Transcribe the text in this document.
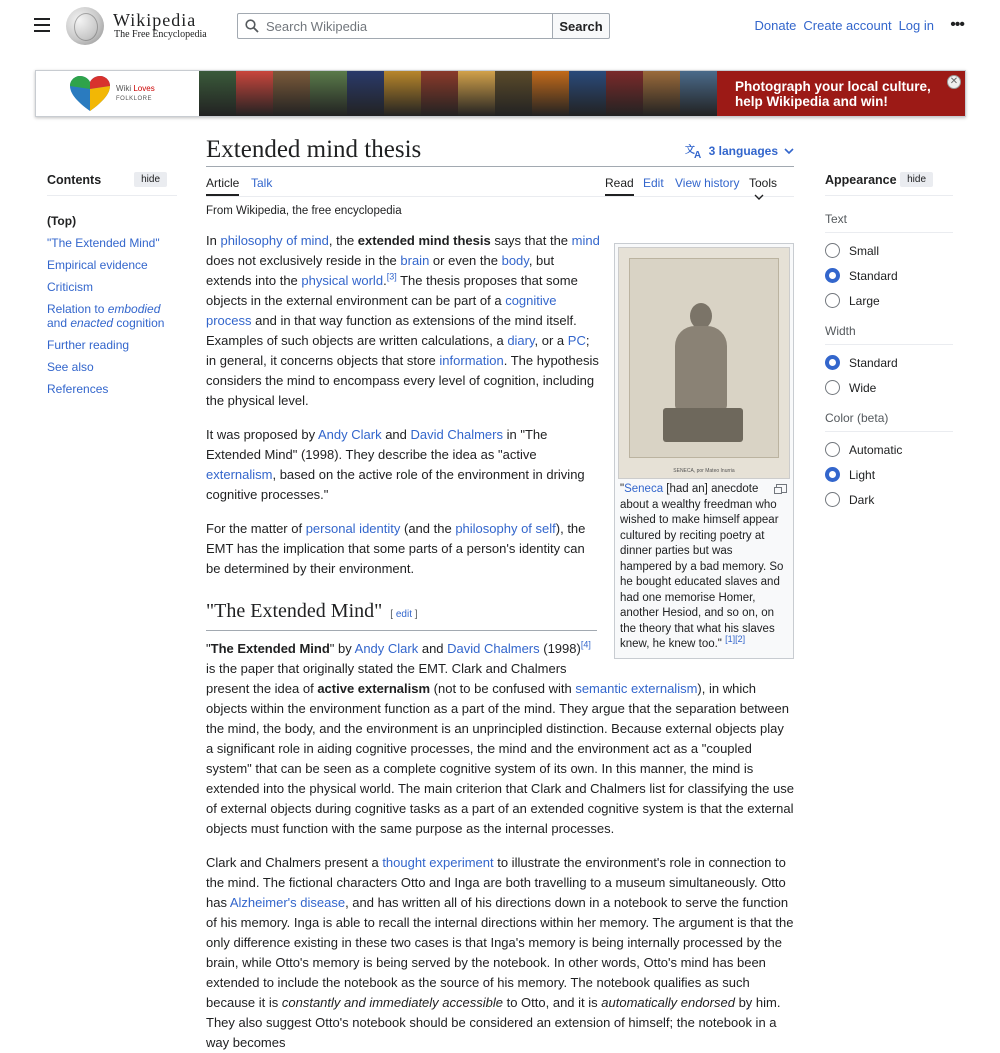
Wikipedia
The Free Encyclopedia
Search Wikipedia
Search	Donate Create account Log in •••
Wiki Loves
FOLKLORE
Photograph your local culture,
help Wikipedia and win!
✕
Contents	hide
(Top)
"The Extended Mind"
Empirical evidence
Criticism
Relation to embodied and enacted cognition
Further reading
See also
References
Appearance	hide
Text
Small
Standard
Large
Width
Standard
Wide
Color (beta)
Automatic
Light
Dark
Extended mind thesis	文 A 3 languages
Article Talk	Read Edit View history Tools
From Wikipedia, the free encyclopedia
SENECA, por Mateo Inurria
"Seneca [had an] anecdote about a wealthy freedman who wished to make himself appear cultured by reciting poetry at dinner parties but was hampered by a bad memory. So he bought educated slaves and had one memorise Homer, another Hesiod, and so on, on the theory that what his slaves knew, he knew too." [1][2]

In philosophy of mind, the extended mind thesis says that the mind does not exclusively reside in the brain or even the body, but extends into the physical world.[3] The thesis proposes that some objects in the external environment can be part of a cognitive process and in that way function as extensions of the mind itself. Examples of such objects are written calculations, a diary, or a PC; in general, it concerns objects that store information. The hypothesis considers the mind to encompass every level of cognition, including the physical level.

It was proposed by Andy Clark and David Chalmers in "The Extended Mind" (1998). They describe the idea as "active externalism, based on the active role of the environment in driving cognitive processes."

For the matter of personal identity (and the philosophy of self), the EMT has the implication that some parts of a person's identity can be determined by their environment.

"The Extended Mind" [ edit ]

"The Extended Mind" by Andy Clark and David Chalmers (1998)[4] is the paper that originally stated the EMT. Clark and Chalmers present the idea of active externalism (not to be confused with semantic externalism), in which objects within the environment function as a part of the mind. They argue that the separation between the mind, the body, and the environment is an unprincipled distinction. Because external objects play a significant role in aiding cognitive processes, the mind and the environment act as a "coupled system" that can be seen as a complete cognitive system of its own. In this manner, the mind is extended into the physical world. The main criterion that Clark and Chalmers list for classifying the use of external objects during cognitive tasks as a part of an extended cognitive system is that the external objects must function with the same purpose as the internal processes.

Clark and Chalmers present a thought experiment to illustrate the environment's role in connection to the mind. The fictional characters Otto and Inga are both travelling to a museum simultaneously. Otto has Alzheimer's disease, and has written all of his directions down in a notebook to serve the function of his memory. Inga is able to recall the internal directions within her memory. The argument is that the only difference existing in these two cases is that Inga's memory is being internally processed by the brain, while Otto's memory is being served by the notebook. In other words, Otto's mind has been extended to include the notebook as the source of his memory. The notebook qualifies as such because it is constantly and immediately accessible to Otto, and it is automatically endorsed by him. They also suggest Otto's notebook should be considered an extension of himself; the notebook in a way becomes
